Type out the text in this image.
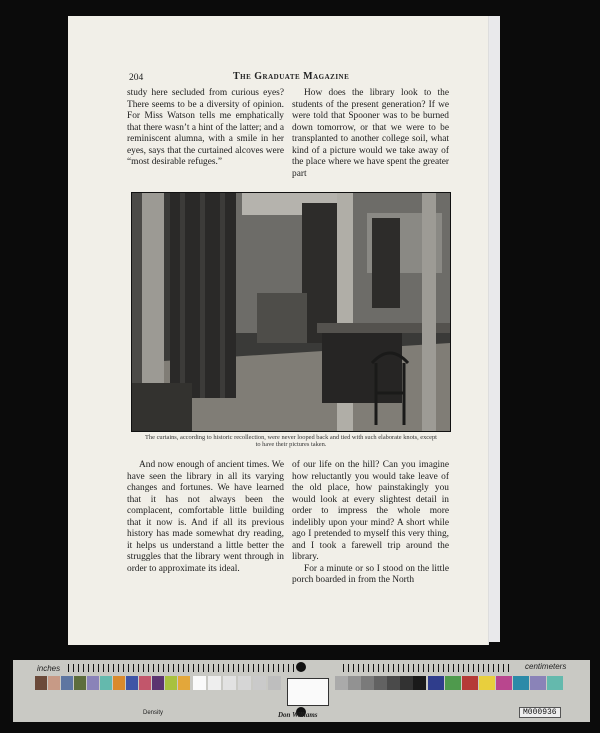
204	The Graduate Magazine

study here secluded from curious eyes? There seems to be a diversity of opinion. For Miss Watson tells me emphatically that there wasn’t a hint of the latter; and a reminiscent alumna, with a smile in her eyes, says that the curtained alcoves were “most desirable refuges.”

How does the library look to the students of the present generation? If we were told that Spooner was to be burned down tomorrow, or that we were to be transplanted to another college soil, what kind of a picture would we take away of the place where we have spent the greater part

The curtains, according to historic recollection, were never looped back and tied with such elaborate knots, except to have their pictures taken.

And now enough of ancient times. We have seen the library in all its varying changes and fortunes. We have learned that it has not always been the complacent, comfortable little building that it now is. And if all its previous history has made somewhat dry reading, it helps us understand a little better the struggles that the library went through in order to approximate its ideal.

of our life on the hill? Can you imagine how reluctantly you would take leave of the old place, how painstakingly you would look at every slightest detail in order to impress the whole more indelibly upon your mind? A short while ago I pretended to myself this very thing, and I took a farewell trip around the library.

For a minute or so I stood on the little porch boarded in from the North

inches	centimeters
Density	Don Williams	M000936
